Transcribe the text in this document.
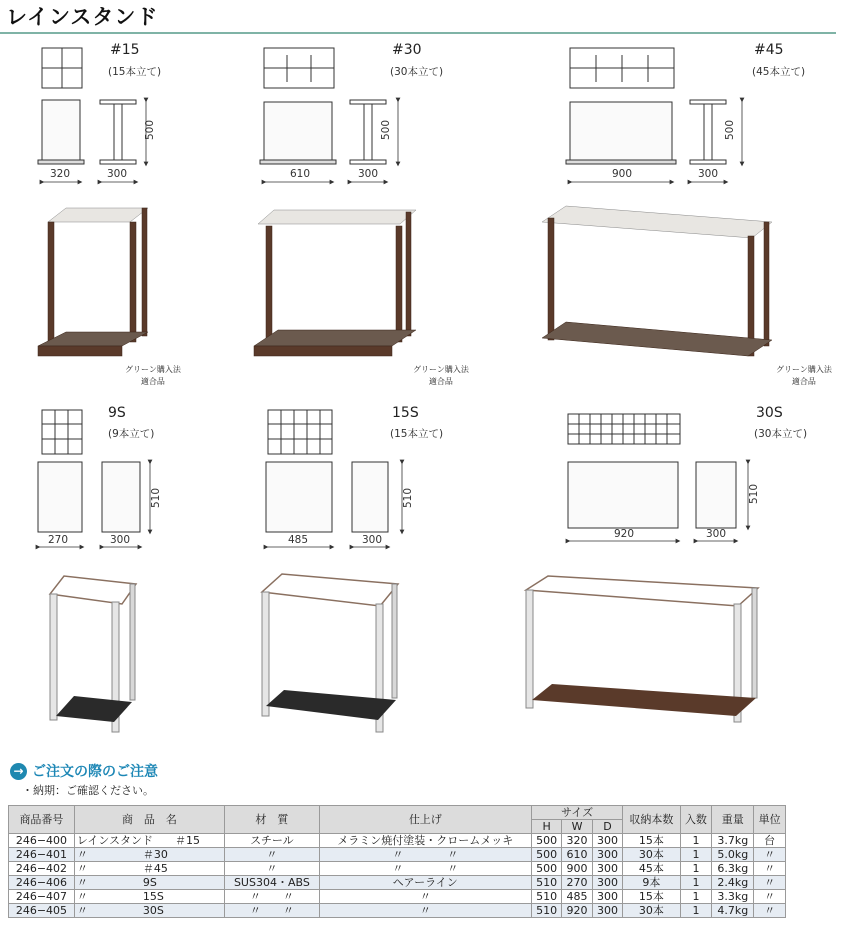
レインスタンド
#15
(15本立て)
320	300
500
#30
(30本立て)
610	300
500
#45
(45本立て)
900	300
500
グリーン購入法
適合品
グリーン購入法
適合品
グリーン購入法
適合品
9S
(9本立て)
270	300
510
15S
(15本立て)
485	300
510
30S
(30本立て)
920	300
510
→ ご注文の際のご注意
・納期：ご確認ください。
商品番号	商　品　名	材　質	仕上げ	サイズ			収納本数	入数	重量	単位
				H	W	D				
246−400	レインスタンド　　＃15	スチール	メラミン焼付塗装・クロームメッキ	500	320	300	15本	1	3.7kg	台
246−401	〃　　　　　＃30	〃	〃　　　　〃	500	610	300	30本	1	5.0kg	〃
246−402	〃　　　　　＃45	〃	〃　　　　〃	500	900	300	45本	1	6.3kg	〃
246−406	〃　　　　　9S	SUS304・ABS	ヘアーライン	510	270	300	9本	1	2.4kg	〃
246−407	〃　　　　　15S	〃　　〃	〃	510	485	300	15本	1	3.3kg	〃
246−405	〃　　　　　30S	〃　　〃	〃	510	920	300	30本	1	4.7kg	〃
